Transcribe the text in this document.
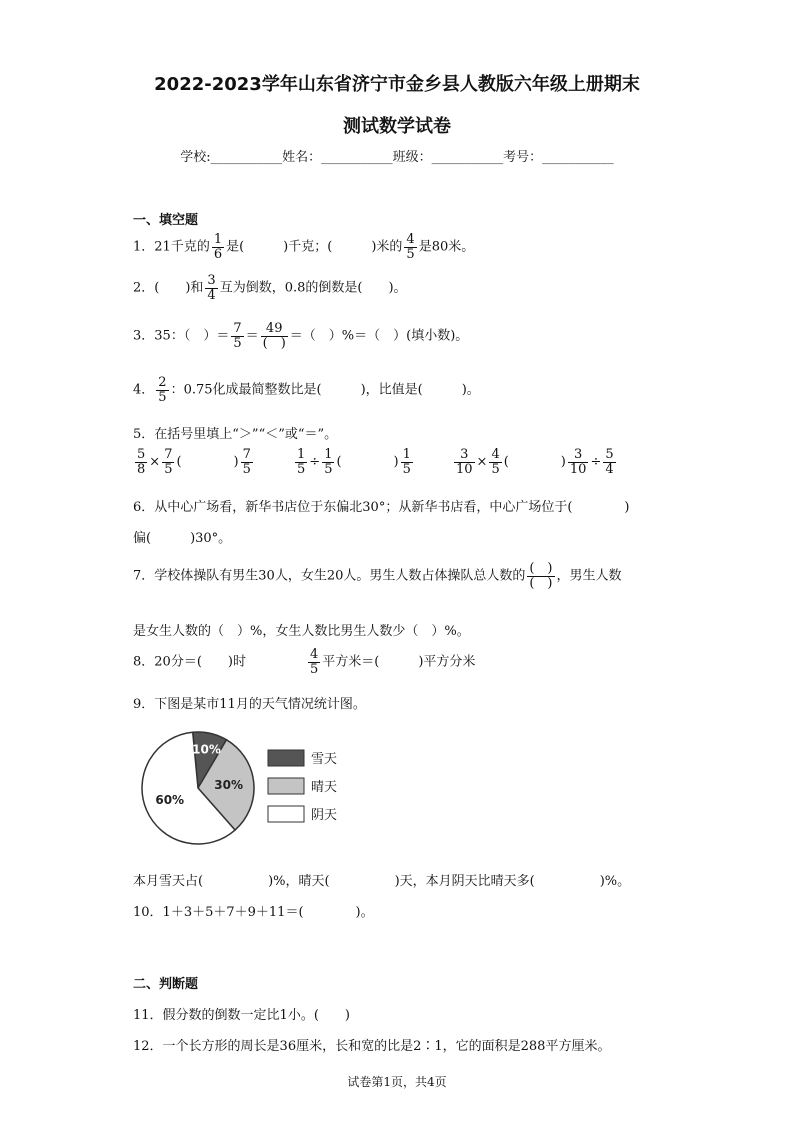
2022-2023学年山东省济宁市金乡县人教版六年级上册期末
测试数学试卷
学校:___________姓名：___________班级：___________考号：___________
一、填空题
1．21千克的 $\frac{1}{6}$ 是(　　　)千克；(　　　)米的 $\frac{4}{5}$ 是80米。
2．(　　)和 $\frac{3}{4}$ 互为倒数，0.8的倒数是(　　)。
3．35：（　）＝ $\frac{7}{5} = \frac{49}{( )}$ ＝（　）%＝（　）(填小数)。
4． $\frac{2}{5}$ ：0.75化成最简整数比是(　　　)，比值是(　　　)。
5．在括号里填上“＞”“＜”或“＝”。
$\frac{5}{8} \times \frac{7}{5}$ (　　　　) $\frac{7}{5}$	$\frac{1}{5} \div \frac{1}{5}$ (　　　　) $\frac{1}{5}$	$\frac{3}{10} \times \frac{4}{5}$ (　　　　) $\frac{3}{10} \div \frac{5}{4}$
6．从中心广场看，新华书店位于东偏北30°；从新华书店看，中心广场位于(　　　　)
偏(　　　)30°。
7．学校体操队有男生30人，女生20人。男生人数占体操队总人数的 $\frac{( )}{( )}$ ，男生人数
是女生人数的（　）%，女生人数比男生人数少（　）%。
8．20分＝(　　)时	$\frac{4}{5}$ 平方米＝(　　　)平方分米
9．下图是某市11月的天气情况统计图。
10%
30%
60%
雪天
晴天
阴天
本月雪天占(　　　　　)%，晴天(　　　　　)天，本月阴天比晴天多(　　　　　)%。
10．1＋3＋5＋7＋9＋11＝(　　　　)。
二、判断题
11．假分数的倒数一定比1小。(　　)
12．一个长方形的周长是36厘米，长和宽的比是2∶1，它的面积是288平方厘米。
试卷第1页，共4页
